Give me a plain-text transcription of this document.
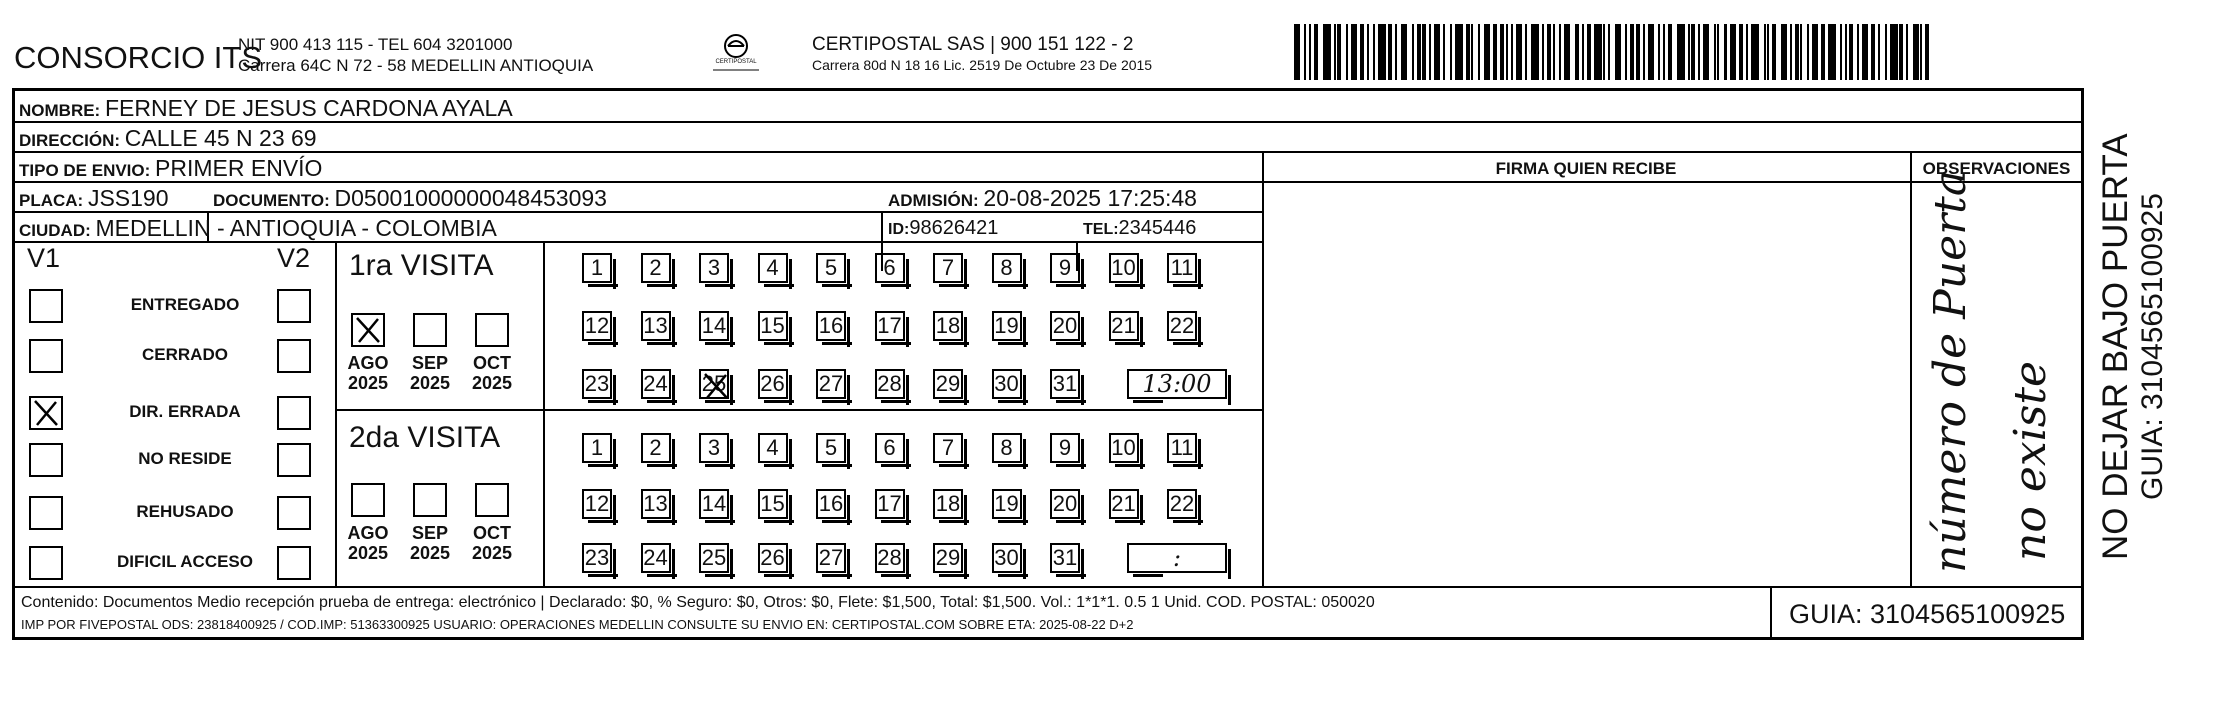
CONSORCIO ITS
NIT 900 413 115 - TEL 604 3201000
Carrera 64C N 72 - 58 MEDELLIN ANTIOQUIA	CERTIPOSTAL
CERTIPOSTAL SAS | 900 151 122 - 2
Carrera 80d N 18 16 Lic. 2519 De Octubre 23 De 2015
NOMBRE: FERNEY DE JESUS CARDONA AYALA
DIRECCIÓN: CALLE 45 N 23 69
TIPO DE ENVIO: PRIMER ENVÍO
PLACA: JSS190	DOCUMENTO: D05001000000048453093	ADMISIÓN: 20-08-2025 17:25:48
CIUDAD: MEDELLIN - ANTIOQUIA - COLOMBIA	ID:98626421	TEL:2345446
FIRMA QUIEN RECIBE	OBSERVACIONES
número de Puerta no existe
V1	V2
ENTREGADO
CERRADO
DIR. ERRADA
NO RESIDE
REHUSADO
DIFICIL ACCESO
1ra VISITA
AGO
2025
SEP
2025
OCT
2025
1	2	3	4	5	6	7	8	9	10 11
12 13 14 15 16 17 18 19 20 21 22
23 24 25 26 27 28 29 30 31	13:00
2da VISITA
AGO
2025
SEP
2025
OCT
2025
1	2	3	4	5	6	7	8	9	10 11
12 13 14 15 16 17 18 19 20 21 22
23 24 25 26 27 28 29 30 31	:
Contenido: Documentos Medio recepción prueba de entrega: electrónico | Declarado: $0, % Seguro: $0, Otros: $0, Flete: $1,500, Total: $1,500. Vol.: 1*1*1. 0.5 1 Unid. COD. POSTAL: 050020
IMP POR FIVEPOSTAL ODS: 23818400925 / COD.IMP: 51363300925 USUARIO: OPERACIONES MEDELLIN CONSULTE SU ENVIO EN: CERTIPOSTAL.COM SOBRE ETA: 2025-08-22 D+2	GUIA: 3104565100925
NO DEJAR BAJO PUERTA GUIA: 3104565100925
